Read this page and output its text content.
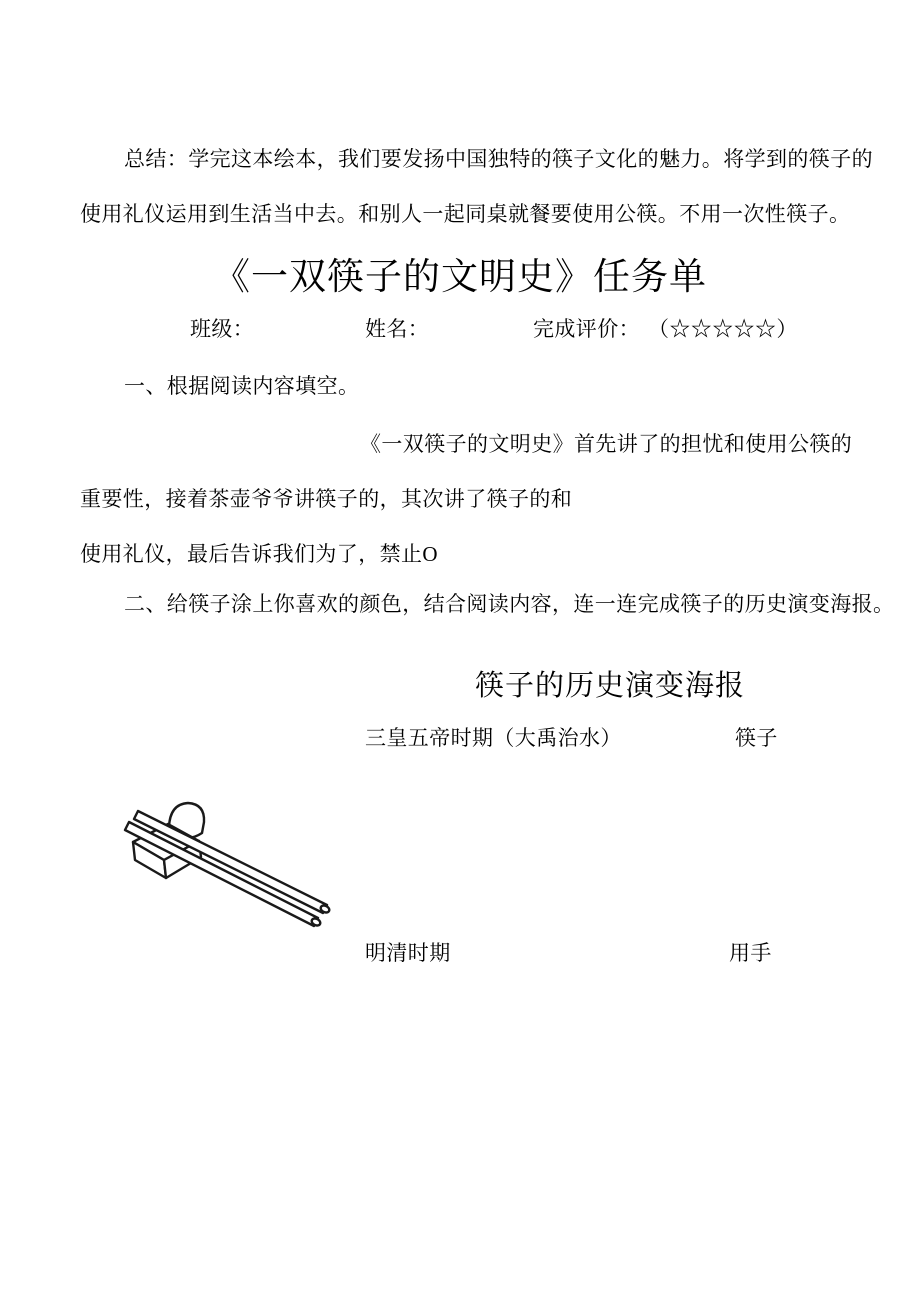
总结：学完这本绘本，我们要发扬中国独特的筷子文化的魅力。将学到的筷子的
使用礼仪运用到生活当中去。和别人一起同桌就餐要使用公筷。不用一次性筷子。
《一双筷子的文明史》任务单
班级：	姓名：	完成评价： （☆☆☆☆☆）
一、根据阅读内容填空。
《一双筷子的文明史》首先讲了的担忧和使用公筷的
重要性，接着茶壶爷爷讲筷子的，其次讲了筷子的和
使用礼仪，最后告诉我们为了，禁止O
二、给筷子涂上你喜欢的颜色，结合阅读内容，连一连完成筷子的历史演变海报。
筷子的历史演变海报
三皇五帝时期（大禹治水）	筷子
明清时期	用手
